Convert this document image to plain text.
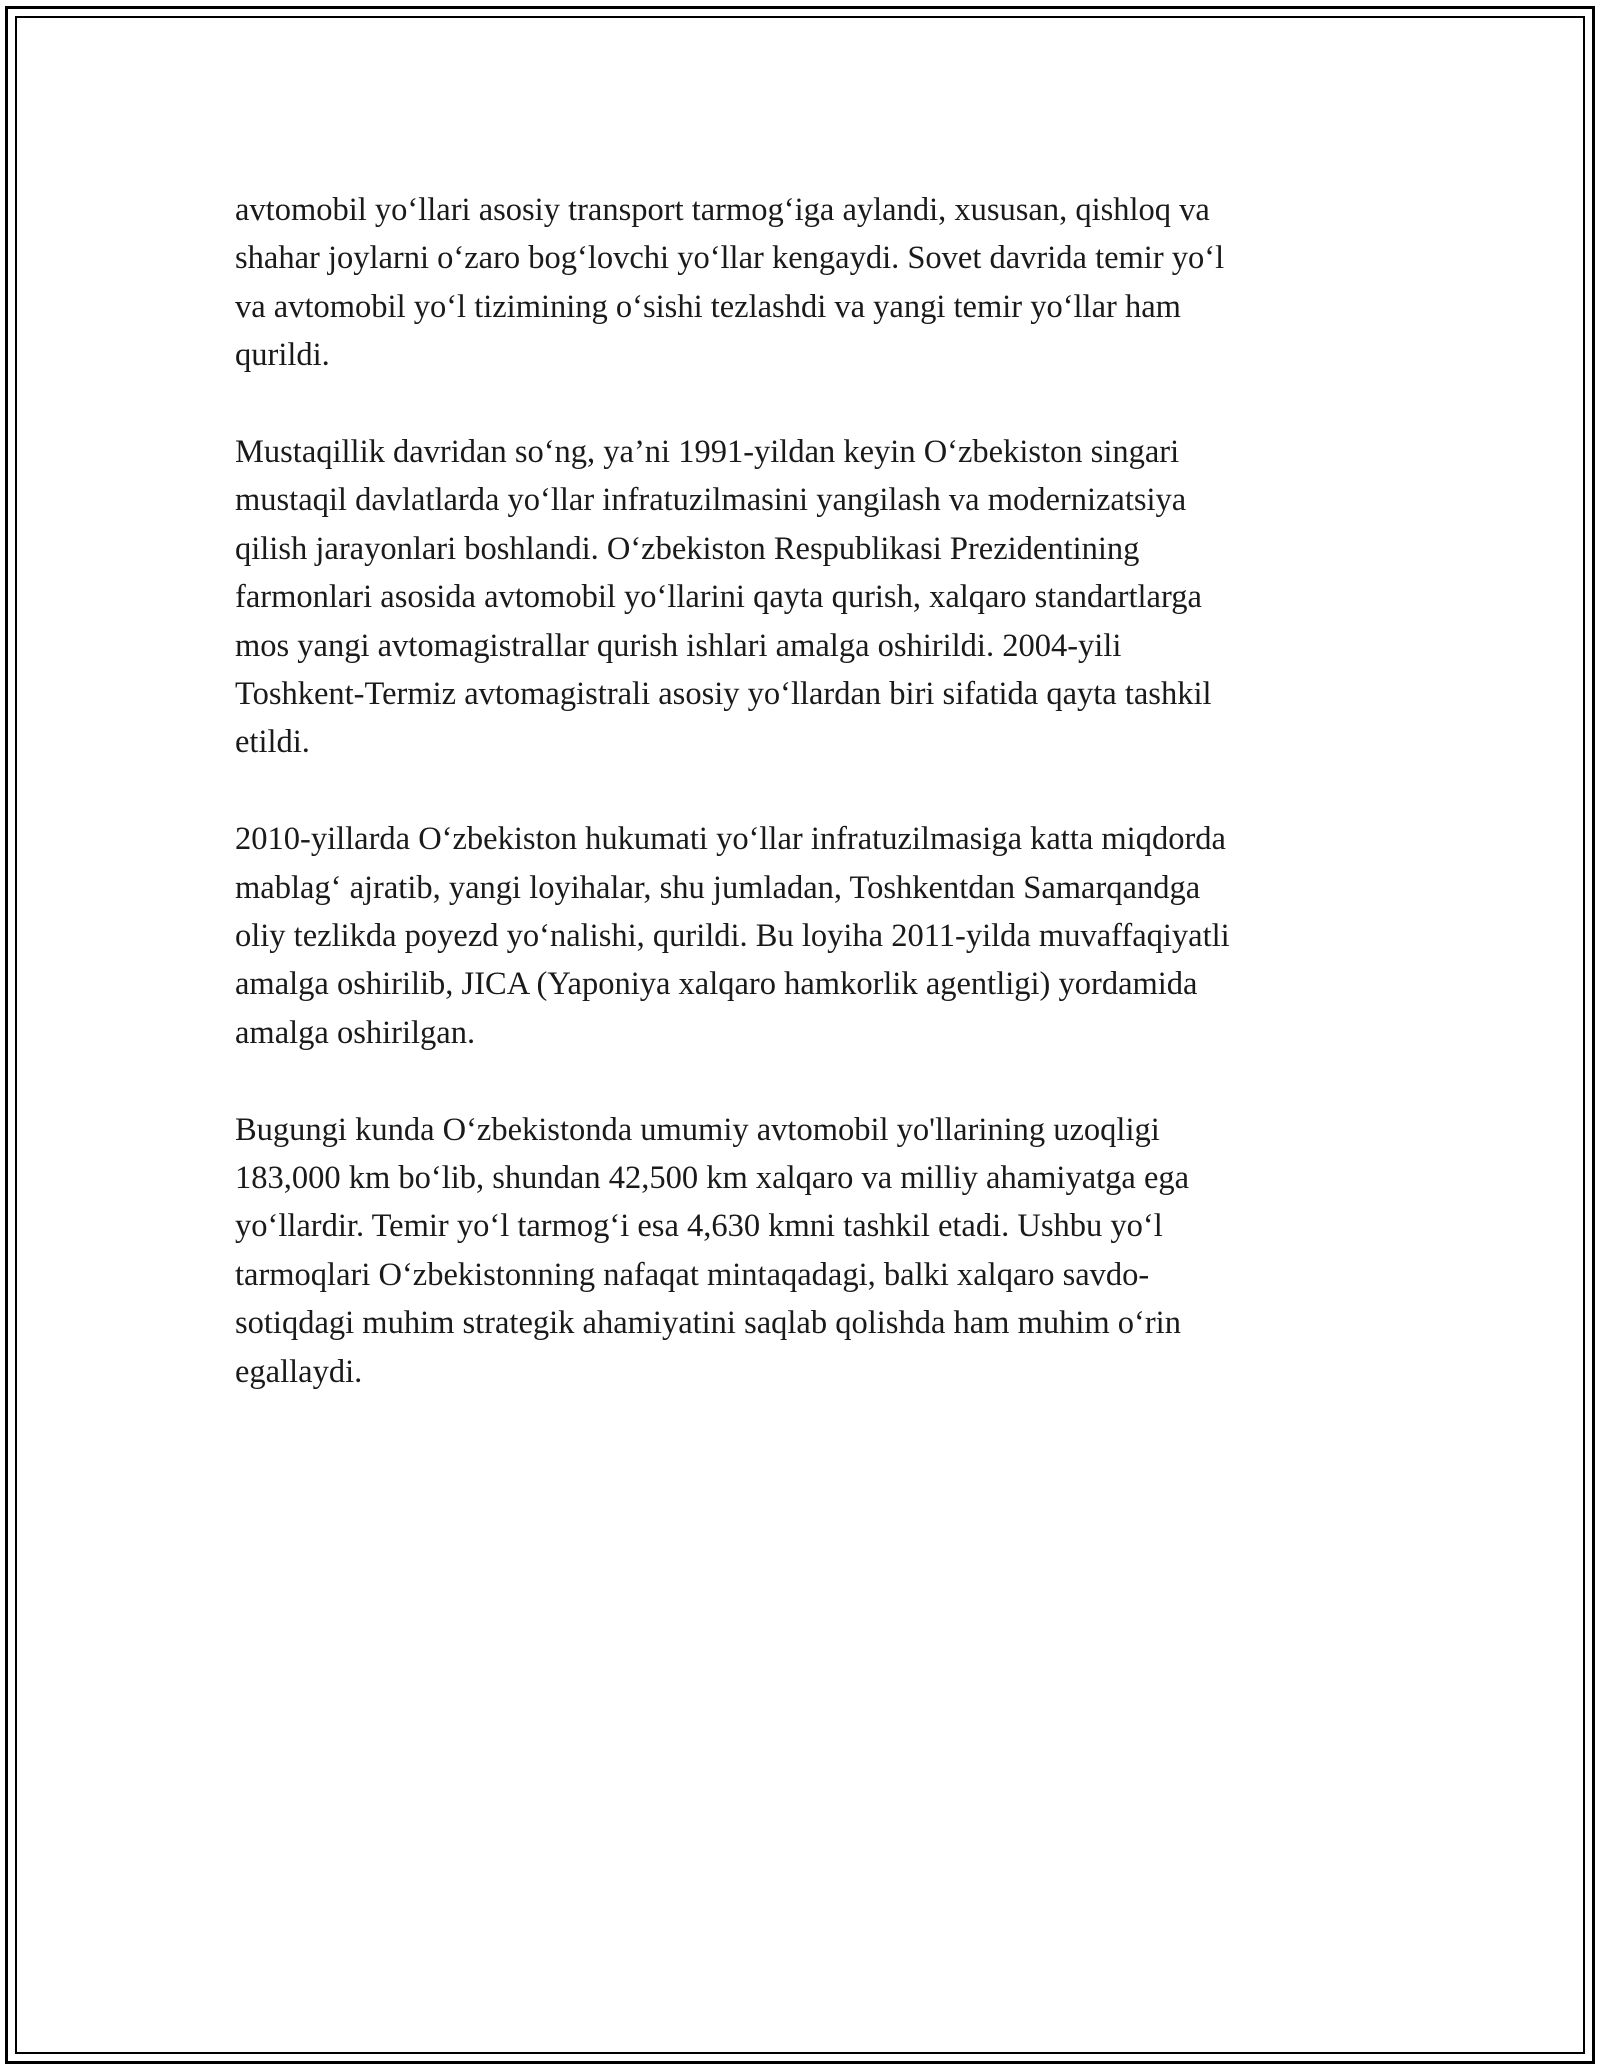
avtomobil yo‘llari asosiy transport tarmog‘iga aylandi, xususan, qishloq va
shahar joylarni o‘zaro bog‘lovchi yo‘llar kengaydi. Sovet davrida temir yo‘l
va avtomobil yo‘l tizimining o‘sishi tezlashdi va yangi temir yo‘llar ham
qurildi.

Mustaqillik davridan so‘ng, ya’ni 1991-yildan keyin O‘zbekiston singari
mustaqil davlatlarda yo‘llar infratuzilmasini yangilash va modernizatsiya
qilish jarayonlari boshlandi. O‘zbekiston Respublikasi Prezidentining
farmonlari asosida avtomobil yo‘llarini qayta qurish, xalqaro standartlarga
mos yangi avtomagistrallar qurish ishlari amalga oshirildi. 2004-yili
Toshkent-Termiz avtomagistrali asosiy yo‘llardan biri sifatida qayta tashkil
etildi.

2010-yillarda O‘zbekiston hukumati yo‘llar infratuzilmasiga katta miqdorda
mablag‘ ajratib, yangi loyihalar, shu jumladan, Toshkentdan Samarqandga
oliy tezlikda poyezd yo‘nalishi, qurildi. Bu loyiha 2011-yilda muvaffaqiyatli
amalga oshirilib, JICA (Yaponiya xalqaro hamkorlik agentligi) yordamida
amalga oshirilgan.

Bugungi kunda O‘zbekistonda umumiy avtomobil yo'llarining uzoqligi
183,000 km bo‘lib, shundan 42,500 km xalqaro va milliy ahamiyatga ega
yo‘llardir. Temir yo‘l tarmog‘i esa 4,630 kmni tashkil etadi. Ushbu yo‘l
tarmoqlari O‘zbekistonning nafaqat mintaqadagi, balki xalqaro savdo-
sotiqdagi muhim strategik ahamiyatini saqlab qolishda ham muhim o‘rin
egallaydi.
